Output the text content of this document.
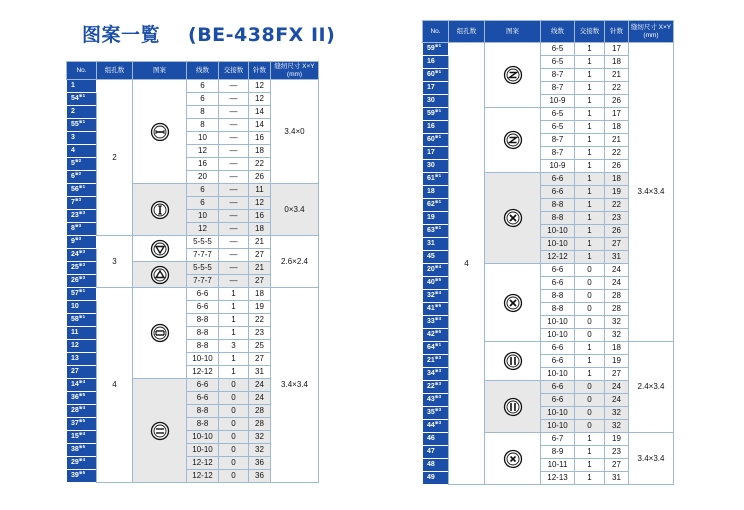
图案一覧 (BE-438FX II)
No.	组孔数	图案	线数	交接数	针数	缝纫尺寸 X×Y (mm)
1	2		6	—	12	3.4×0
54$^{※1}$			6	—	12	
2			8	—	14	
55$^{※1}$			8	—	14	
3			10	—	16	
4			12	—	18	
5$^{※2}$			16	—	22	
6$^{※2}$			20	—	26	
56$^{※1}$			6	—	11	0×3.4
7$^{※3}$			6	—	12	
23$^{※3}$			10	—	16	
8$^{※3}$			12	—	18	
9$^{※3}$	3		5-5-5	—	21	2.6×2.4
24$^{※3}$			7-7-7	—	27	
25$^{※3}$			5-5-5	—	21	
26$^{※3}$			7-7-7	—	27	
57$^{※1}$	4		6-6	1	18	3.4×3.4
10			6-6	1	19	
58$^{※1}$			8-8	1	22	
11			8-8	1	23	
12			8-8	3	25	
13			10-10	1	27	
27			12-12	1	31	
14$^{※4}$			6-6	0	24	
36$^{※5}$			6-6	0	24	
28$^{※4}$			8-8	0	28	
37$^{※5}$			8-8	0	28	
15$^{※4}$			10-10	0	32	
38$^{※5}$			10-10	0	32	
29$^{※4}$			12-12	0	36	
39$^{※5}$			12-12	0	36	
No.	组孔数	图案	线数	交接数	针数	缝纫尺寸 X×Y (mm)
59$^{※1}$	4		6-5	1	17	3.4×3.4
16			6-5	1	18	
60$^{※1}$			8-7	1	21	
17			8-7	1	22	
30			10-9	1	26	
59$^{※1}$			6-5	1	17	
16			6-5	1	18	
60$^{※1}$			8-7	1	21	
17			8-7	1	22	
30			10-9	1	26	
61$^{※1}$			6-6	1	18	
18			6-6	1	19	
62$^{※1}$			8-8	1	22	
19			8-8	1	23	
63$^{※1}$			10-10	1	26	
31			10-10	1	27	
45			12-12	1	31	
20$^{※4}$			6-6	0	24	
40$^{※5}$			6-6	0	24	
32$^{※4}$			8-8	0	28	
41$^{※5}$			8-8	0	28	
33$^{※4}$			10-10	0	32	
42$^{※5}$			10-10	0	32	
64$^{※1}$			6-6	1	18	2.4×3.4
21$^{※3}$			6-6	1	19	
34$^{※3}$			10-10	1	27	
22$^{※3}$			6-6	0	24	
43$^{※3}$			6-6	0	24	
35$^{※3}$			10-10	0	32	
44$^{※3}$			10-10	0	32	
46			6-7	1	19	3.4×3.4
47			8-9	1	23	
48			10-11	1	27	
49			12-13	1	31	
